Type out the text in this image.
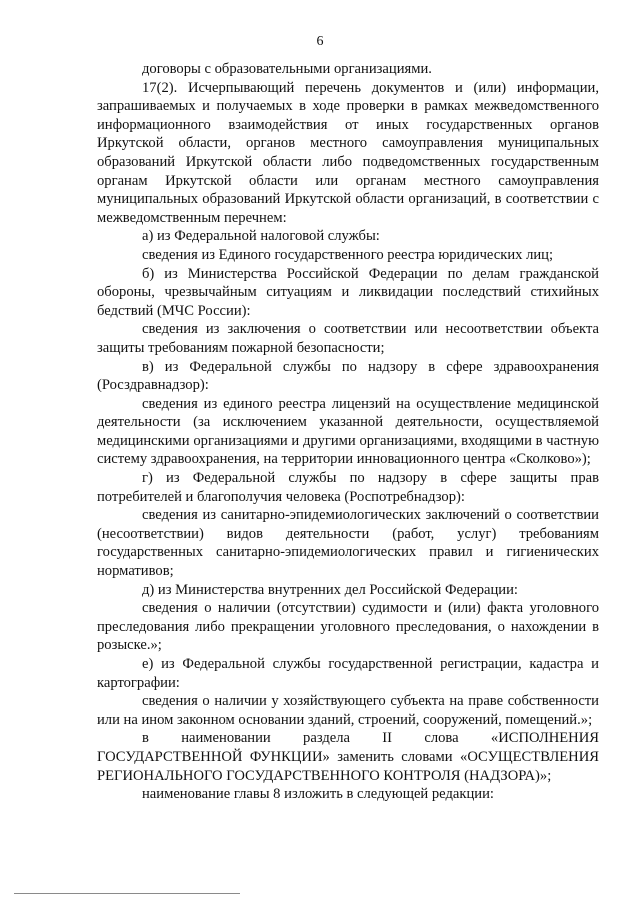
6

договоры с образовательными организациями.

17(2). Исчерпывающий перечень документов и (или) информации, запрашиваемых и получаемых в ходе проверки в рамках межведомственного информационного взаимодействия от иных государственных органов Иркутской области, органов местного самоуправления муниципальных образований Иркутской области либо подведомственных государственным органам Иркутской области или органам местного самоуправления муниципальных образований Иркутской области организаций, в соответствии с межведомственным перечнем:

а) из Федеральной налоговой службы:

сведения из Единого государственного реестра юридических лиц;

б) из Министерства Российской Федерации по делам гражданской обороны, чрезвычайным ситуациям и ликвидации последствий стихийных бедствий (МЧС России):

сведения из заключения о соответствии или несоответствии объекта защиты требованиям пожарной безопасности;

в) из Федеральной службы по надзору в сфере здравоохранения (Росздравнадзор):

сведения из единого реестра лицензий на осуществление медицинской деятельности (за исключением указанной деятельности, осуществляемой медицинскими организациями и другими организациями, входящими в частную систему здравоохранения, на территории инновационного центра «Сколково»);

г) из Федеральной службы по надзору в сфере защиты прав потребителей и благополучия человека (Роспотребнадзор):

сведения из санитарно-эпидемиологических заключений о соответствии (несоответствии) видов деятельности (работ, услуг) требованиям государственных санитарно-эпидемиологических правил и гигиенических нормативов;

д) из Министерства внутренних дел Российской Федерации:

сведения о наличии (отсутствии) судимости и (или) факта уголовного преследования либо прекращении уголовного преследования, о нахождении в розыске.»;

е) из Федеральной службы государственной регистрации, кадастра и картографии:

сведения о наличии у хозяйствующего субъекта на праве собственности или на ином законном основании зданий, строений, сооружений, помещений.»;

в наименовании раздела II слова «ИСПОЛНЕНИЯ ГОСУДАРСТВЕННОЙ ФУНКЦИИ» заменить словами «ОСУЩЕСТВЛЕНИЯ РЕГИОНАЛЬНОГО ГОСУДАРСТВЕННОГО КОНТРОЛЯ (НАДЗОРА)»;

наименование главы 8 изложить в следующей редакции:
